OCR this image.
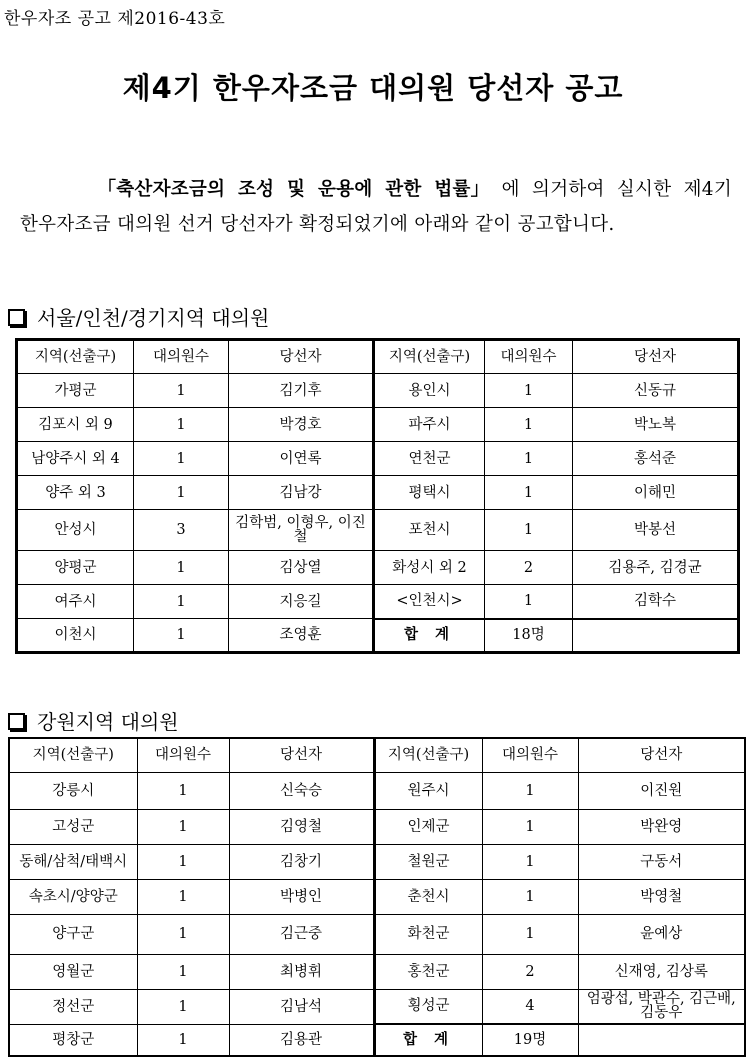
한우자조 공고 제2016-43호
제4기 한우자조금 대의원 당선자 공고
「축산자조금의 조성 및 운용에 관한 법률」 에 의거하여 실시한 제4기
한우자조금 대의원 선거 당선자가 확정되었기에 아래와 같이 공고합니다.
서울/인천/경기지역 대의원
지역(선출구)	대의원수	당선자	지역(선출구)	대의원수	당선자
가평군	1	김기후	용인시	1	신동규
김포시 외 9	1	박경호	파주시	1	박노복
남양주시 외 4	1	이연록	연천군	1	홍석준
양주 외 3	1	김남강	평택시	1	이해민
안성시	3	김학범, 이형우, 이진철	포천시	1	박봉선
양평군	1	김상열	화성시 외 2	2	김용주, 김경균
여주시	1	지응길	<인천시>	1	김학수
이천시	1	조영훈	합 계	18명	
강원지역 대의원
지역(선출구)	대의원수	당선자	지역(선출구)	대의원수	당선자
강릉시	1	신숙승	원주시	1	이진원
고성군	1	김영철	인제군	1	박완영
동해/삼척/태백시	1	김창기	철원군	1	구동서
속초시/양양군	1	박병인	춘천시	1	박영철
양구군	1	김근중	화천군	1	윤예상
영월군	1	최병휘	홍천군	2	신재영, 김상록
정선군	1	김남석	횡성군	4	엄광섭, 박관수, 김근배, 김동우
평창군	1	김용관	합 계	19명	
